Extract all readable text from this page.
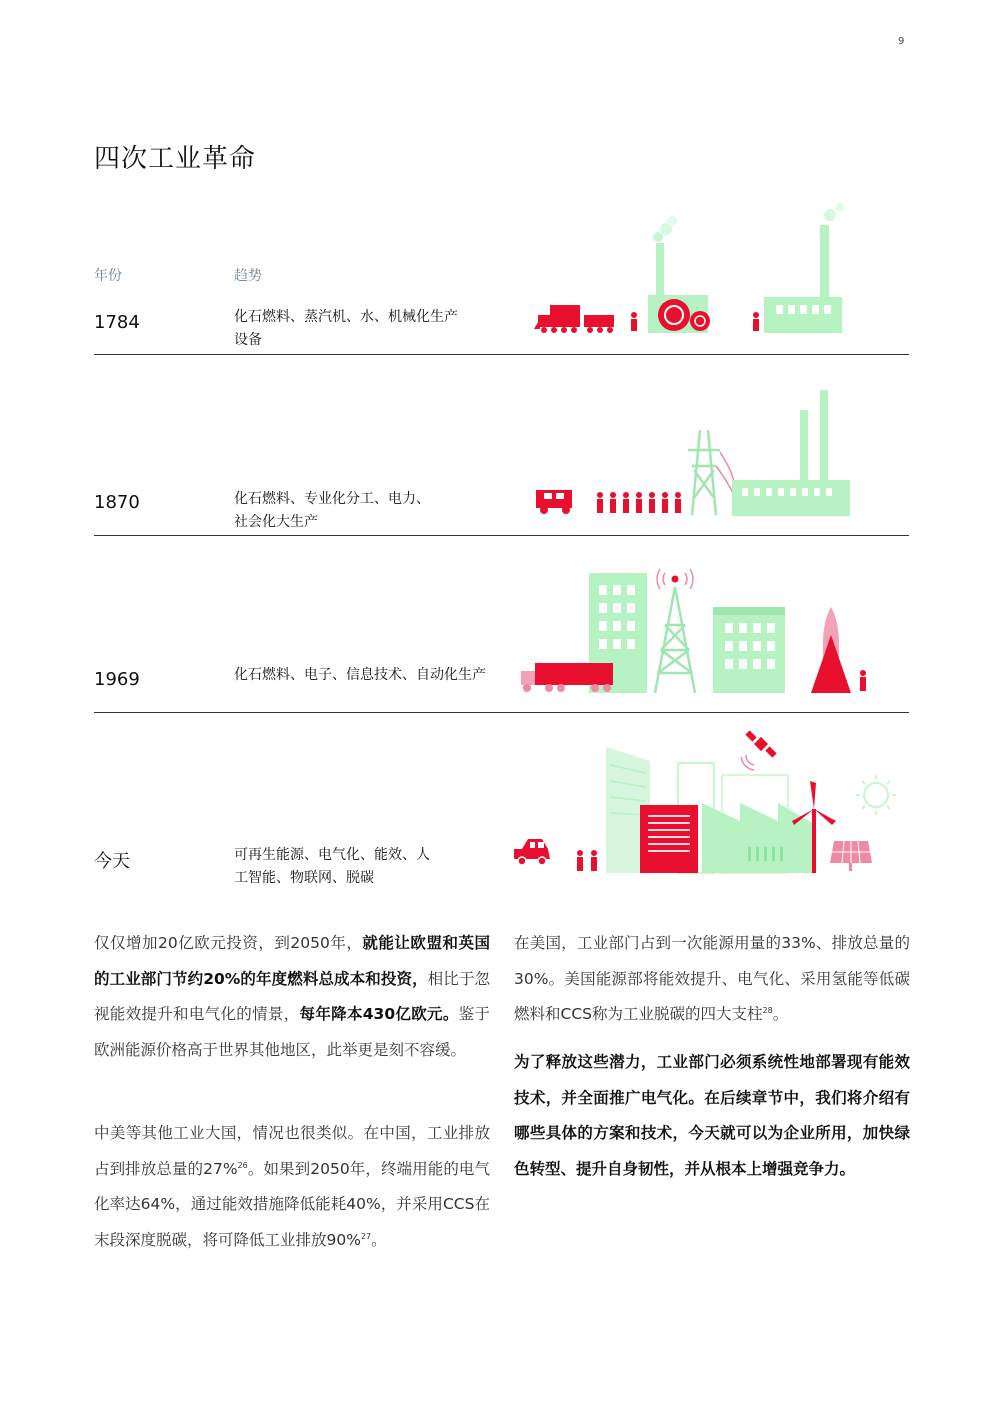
9
四次工业革命
年份	趋势
1784	化石燃料、蒸汽机、水、机械化生产
设备
1870	化石燃料、专业化分工、电力、
社会化大生产
1969	化石燃料、电子、信息技术、自动化生产
今天	可再生能源、电气化、能效、人
工智能、物联网、脱碳
仅仅增加20亿欧元投资，到2050年，就能让欧盟和英国的工业部门节约20%的年度燃料总成本和投资，相比于忽视能效提升和电气化的情景，每年降本430亿欧元。鉴于欧洲能源价格高于世界其他地区，此举更是刻不容缓。
中美等其他工业大国，情况也很类似。在中国，工业排放占到排放总量的27%$^{26}$。如果到2050年，终端用能的电气化率达64%，通过能效措施降低能耗40%，并采用CCS在末段深度脱碳，将可降低工业排放90%$^{27}$。
在美国，工业部门占到一次能源用量的33%、排放总量的30%。美国能源部将能效提升、电气化、采用氢能等低碳燃料和CCS称为工业脱碳的四大支柱$^{28}$。
为了释放这些潜力，工业部门必须系统性地部署现有能效技术，并全面推广电气化。在后续章节中，我们将介绍有哪些具体的方案和技术，今天就可以为企业所用，加快绿色转型、提升自身韧性，并从根本上增强竞争力。
